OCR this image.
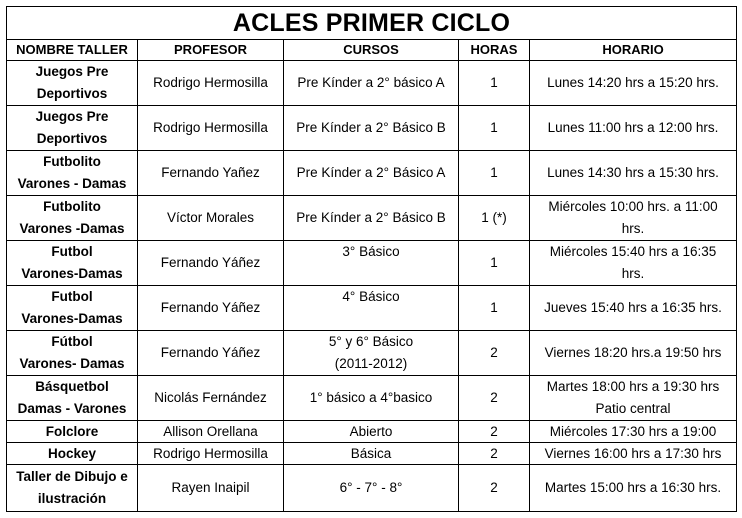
ACLES PRIMER CICLO				
NOMBRE TALLER	PROFESOR	CURSOS	HORAS	HORARIO

Juegos Pre
Deportivos	Rodrigo Hermosilla	Pre Kínder a 2° básico A	1	Lunes 14:20 hrs a 15:20 hrs.

Juegos Pre
Deportivos	Rodrigo Hermosilla	Pre Kínder a 2° Básico B	1	Lunes 11:00 hrs a 12:00 hrs.

Futbolito
Varones - Damas	Fernando Yañez	Pre Kínder a 2° Básico A	1	Lunes 14:30 hrs a 15:30 hrs.

Futbolito
Varones -Damas	Víctor Morales	Pre Kínder a 2° Básico B	1 (*)	Miércoles 10:00 hrs. a 11:00
hrs.

Futbol
Varones-Damas	Fernando Yáñez	3° Básico	1	Miércoles 15:40 hrs a 16:35
hrs.

Futbol
Varones-Damas	Fernando Yáñez	4° Básico	1	Jueves 15:40 hrs a 16:35 hrs.

Fútbol
Varones- Damas	Fernando Yáñez	5° y 6° Básico
(2011-2012)	2	Viernes 18:20 hrs.a 19:50 hrs

Básquetbol
Damas - Varones	Nicolás Fernández	1° básico a 4°basico	2	Martes 18:00 hrs a 19:30 hrs
Patio central

Folclore	Allison Orellana	Abierto	2	Miércoles 17:30 hrs a 19:00

Hockey	Rodrigo Hermosilla	Básica	2	Viernes 16:00 hrs a 17:30 hrs

Taller de Dibujo e
ilustración	Rayen Inaipil	6° - 7° - 8°	2	Martes 15:00 hrs a 16:30 hrs.
